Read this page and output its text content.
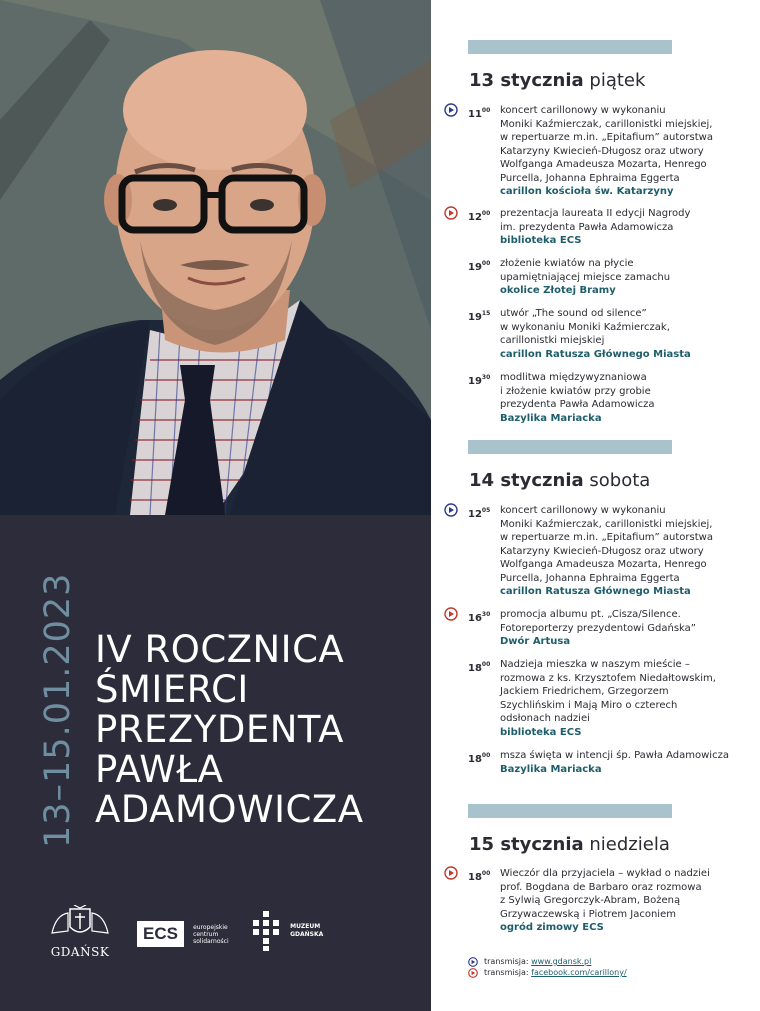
13–15.01.2023 IV ROCZNICA
ŚMIERCI
PREZYDENTA
PAWŁA
ADAMOWICZA
GDAŃSK
ECS	europejskie
centrum
solidarności
MUZEUM
GDAŃSKA
13 stycznia piątek
$11^{00}$ koncert carillonowy w wykonaniu
Moniki Kaźmierczak, carillonistki miejskiej,
w repertuarze m.in. „Epitafium” autorstwa
Katarzyny Kwiecień-Długosz oraz utwory
Wolfganga Amadeusza Mozarta, Henrego
Purcella, Johanna Ephraima Eggerta
carillon kościoła św. Katarzyny
$12^{00}$ prezentacja laureata II edycji Nagrody
im. prezydenta Pawła Adamowicza
biblioteka ECS
$19^{00}$ złożenie kwiatów na płycie
upamiętniającej miejsce zamachu
okolice Złotej Bramy
$19^{15}$ utwór „The sound od silence”
w wykonaniu Moniki Kaźmierczak,
carillonistki miejskiej
carillon Ratusza Głównego Miasta
$19^{30}$ modlitwa międzywyznaniowa
i złożenie kwiatów przy grobie
prezydenta Pawła Adamowicza
Bazylika Mariacka
14 stycznia sobota
$12^{05}$ koncert carillonowy w wykonaniu
Moniki Kaźmierczak, carillonistki miejskiej,
w repertuarze m.in. „Epitafium” autorstwa
Katarzyny Kwiecień-Długosz oraz utwory
Wolfganga Amadeusza Mozarta, Henrego
Purcella, Johanna Ephraima Eggerta
carillon Ratusza Głównego Miasta
$16^{30}$ promocja albumu pt. „Cisza/Silence.
Fotoreporterzy prezydentowi Gdańska”
Dwór Artusa
$18^{00}$ Nadzieja mieszka w naszym mieście –
rozmowa z ks. Krzysztofem Niedałtowskim,
Jackiem Friedrichem, Grzegorzem
Szychlińskim i Mają Miro o czterech
odsłonach nadziei
biblioteka ECS
$18^{00}$ msza święta w intencji śp. Pawła Adamowicza
Bazylika Mariacka
15 stycznia niedziela
$18^{00}$ Wieczór dla przyjaciela – wykład o nadziei
prof. Bogdana de Barbaro oraz rozmowa
z Sylwią Gregorczyk-Abram, Bożeną
Grzywaczewską i Piotrem Jaconiem
ogród zimowy ECS
transmisja: www.gdansk.pl
transmisja: facebook.com/carillony/
